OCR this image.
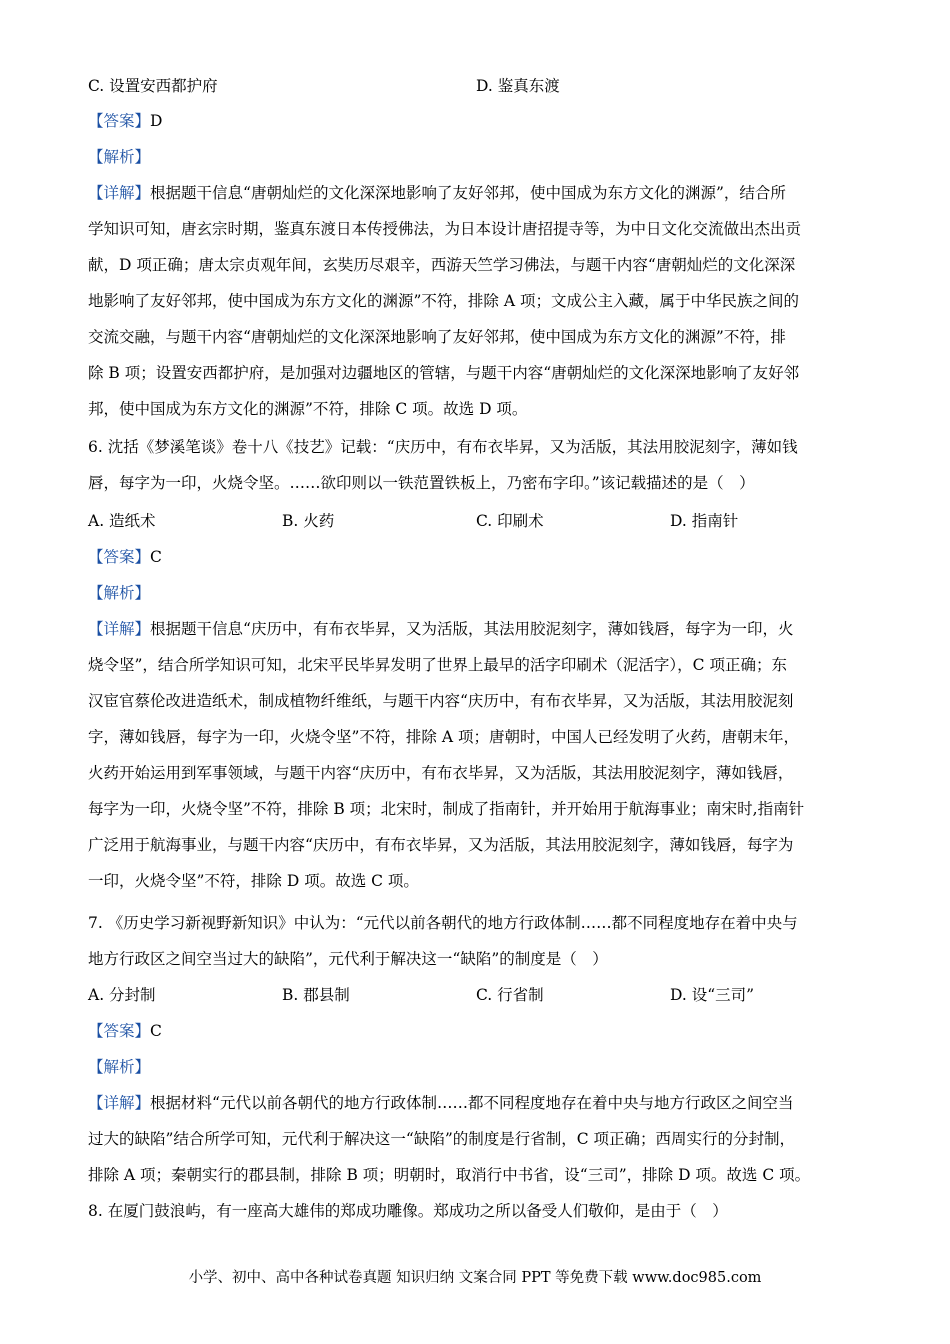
C. 设置安西都护府	D. 鉴真东渡
【答案】D
【解析】
【详解】根据题干信息“唐朝灿烂的文化深深地影响了友好邻邦，使中国成为东方文化的渊源”，结合所
学知识可知，唐玄宗时期，鉴真东渡日本传授佛法，为日本设计唐招提寺等，为中日文化交流做出杰出贡
献，D 项正确；唐太宗贞观年间，玄奘历尽艰辛，西游天竺学习佛法，与题干内容“唐朝灿烂的文化深深
地影响了友好邻邦，使中国成为东方文化的渊源”不符，排除 A 项；文成公主入藏，属于中华民族之间的
交流交融，与题干内容“唐朝灿烂的文化深深地影响了友好邻邦，使中国成为东方文化的渊源”不符，排
除 B 项；设置安西都护府，是加强对边疆地区的管辖，与题干内容“唐朝灿烂的文化深深地影响了友好邻
邦，使中国成为东方文化的渊源”不符，排除 C 项。故选 D 项。
6. 沈括《梦溪笔谈》卷十八《技艺》记载：“庆历中，有布衣毕昇，又为活版，其法用胶泥刻字，薄如钱
唇，每字为一印，火烧令坚。……欲印则以一铁范置铁板上，乃密布字印。”该记载描述的是（　）
A. 造纸术	B. 火药	C. 印刷术	D. 指南针
【答案】C
【解析】
【详解】根据题干信息“庆历中，有布衣毕昇，又为活版，其法用胶泥刻字，薄如钱唇，每字为一印，火
烧令坚”，结合所学知识可知，北宋平民毕昇发明了世界上最早的活字印刷术（泥活字），C 项正确；东
汉宦官蔡伦改进造纸术，制成植物纤维纸，与题干内容“庆历中，有布衣毕昇，又为活版，其法用胶泥刻
字，薄如钱唇，每字为一印，火烧令坚”不符，排除 A 项；唐朝时，中国人已经发明了火药，唐朝末年，
火药开始运用到军事领域，与题干内容“庆历中，有布衣毕昇，又为活版，其法用胶泥刻字，薄如钱唇，
每字为一印，火烧令坚”不符，排除 B 项；北宋时，制成了指南针，并开始用于航海事业；南宋时,指南针
广泛用于航海事业，与题干内容“庆历中，有布衣毕昇，又为活版，其法用胶泥刻字，薄如钱唇，每字为
一印，火烧令坚”不符，排除 D 项。故选 C 项。
7. 《历史学习新视野新知识》中认为：“元代以前各朝代的地方行政体制……都不同程度地存在着中央与
地方行政区之间空当过大的缺陷”，元代利于解决这一“缺陷”的制度是（　）
A. 分封制	B. 郡县制	C. 行省制	D. 设“三司”
【答案】C
【解析】
【详解】根据材料“元代以前各朝代的地方行政体制……都不同程度地存在着中央与地方行政区之间空当
过大的缺陷”结合所学可知，元代利于解决这一“缺陷”的制度是行省制，C 项正确；西周实行的分封制，
排除 A 项；秦朝实行的郡县制，排除 B 项；明朝时，取消行中书省，设“三司”，排除 D 项。故选 C 项。
8. 在厦门鼓浪屿，有一座高大雄伟的郑成功雕像。郑成功之所以备受人们敬仰，是由于（　）
小学、初中、高中各种试卷真题 知识归纳 文案合同 PPT 等免费下载 www.doc985.com
